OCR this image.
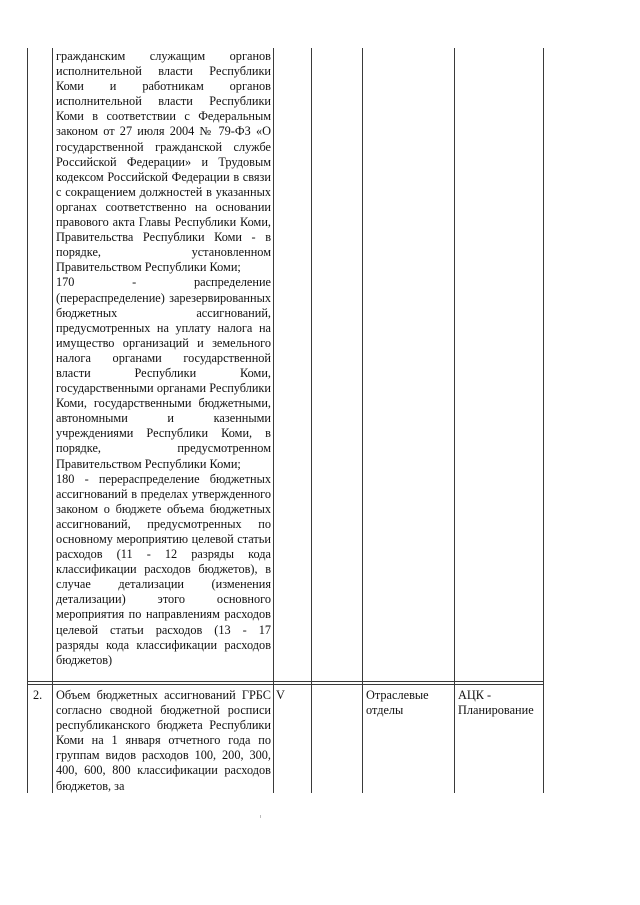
гражданским служащим органов исполнительной власти Республики Коми и работникам органов исполнительной власти Республики Коми в соответствии с Федеральным законом от 27 июля 2004 № 79-ФЗ «О государственной гражданской службе Российской Федерации» и Трудовым кодексом Российской Федерации в связи с сокращением должностей в указанных органах соответственно на основании правового акта Главы Республики Коми, Правительства Республики Коми - в порядке, установленном Правительством Республики Коми;

170 - распределение (перераспределение) зарезервированных бюджетных ассигнований, предусмотренных на уплату налога на имущество организаций и земельного налога органами государственной власти Республики Коми, государственными органами Республики Коми, государственными бюджетными, автономными и казенными учреждениями Республики Коми, в порядке, предусмотренном Правительством Республики Коми;

180 - перераспределение бюджетных ассигнований в пределах утвержденного законом о бюджете объема бюджетных ассигнований, предусмотренных по основному мероприятию целевой статьи расходов (11 - 12 разряды кода классификации расходов бюджетов), в случае детализации (изменения детализации) этого основного мероприятия по направлениям расходов целевой статьи расходов (13 - 17 разряды кода классификации расходов бюджетов)

2.	Объем бюджетных ассигнований ГРБС согласно сводной бюджетной росписи республиканского бюджета Республики Коми на 1 января отчетного года по группам видов расходов 100, 200, 300, 400, 600, 800 классификации расходов бюджетов, за
V	Отраслевые отделы
АЦК - Планирование
